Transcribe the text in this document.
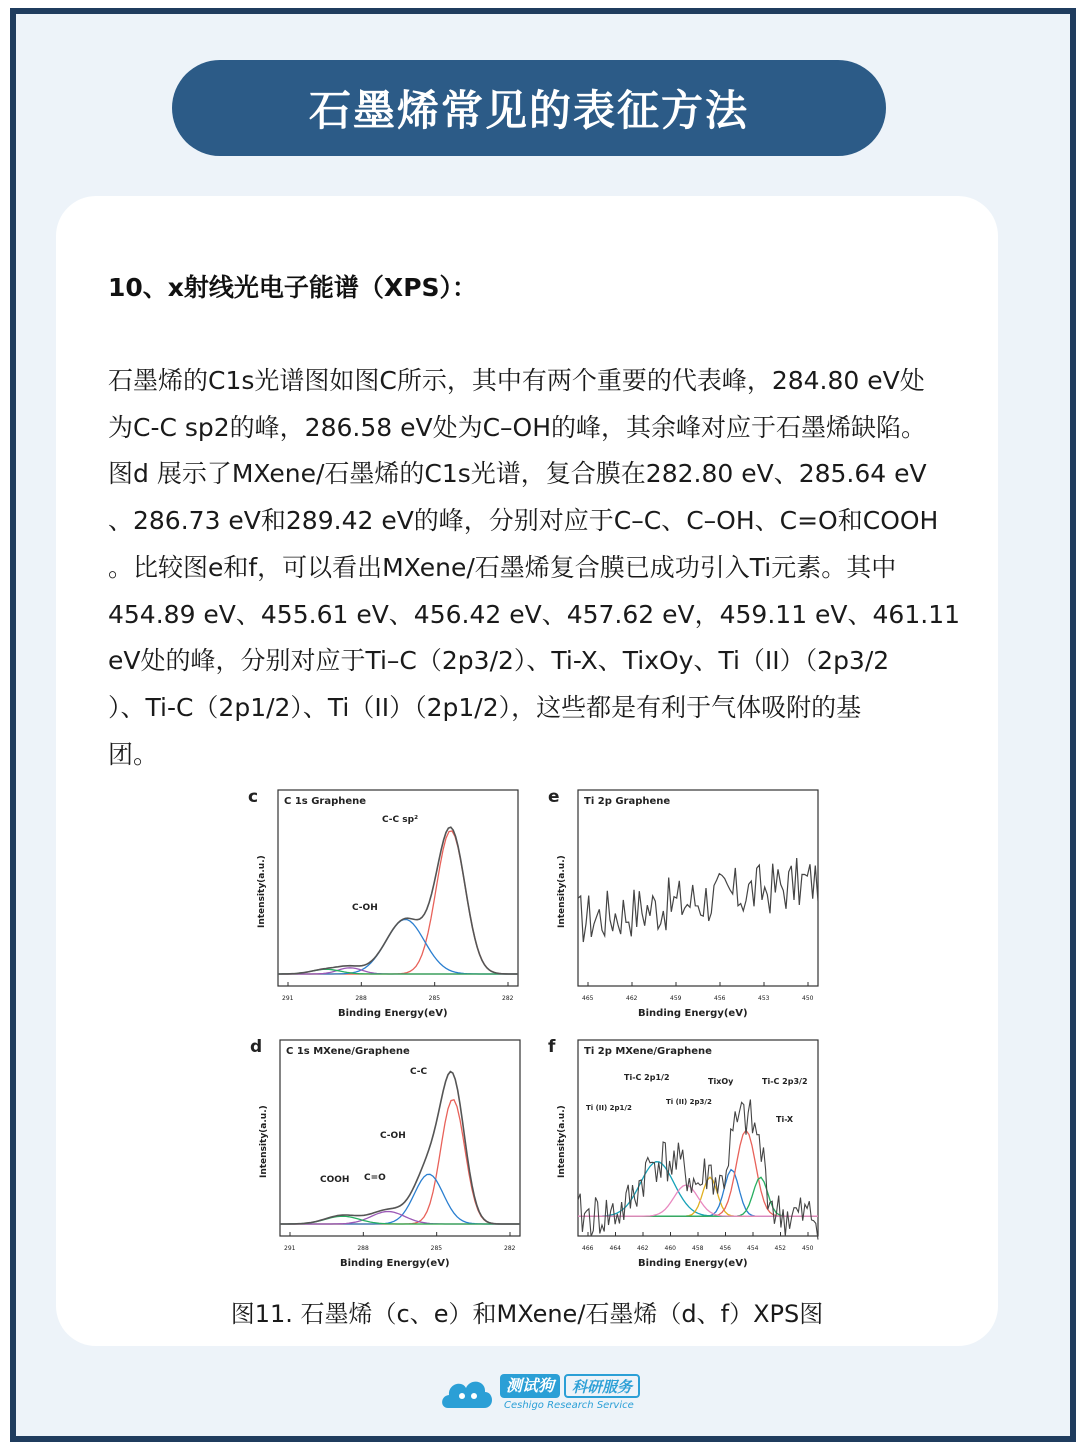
石墨烯常见的表征方法
10、x射线光电子能谱（XPS）：
石墨烯的C1s光谱图如图C所示，其中有两个重要的代表峰，284.80 eV处
为C-C sp2的峰，286.58 eV处为C–OH的峰，其余峰对应于石墨烯缺陷。
图d 展示了MXene/石墨烯的C1s光谱，复合膜在282.80 eV、285.64 eV
、286.73 eV和289.42 eV的峰，分别对应于C–C、C–OH、C=O和COOH
。比较图e和f，可以看出MXene/石墨烯复合膜已成功引入Ti元素。其中
454.89 eV、455.61 eV、456.42 eV、457.62 eV，459.11 eV、461.11
eV处的峰，分别对应于Ti–C（2p3/2）、Ti-X、TixOy、Ti（II）（2p3/2
）、Ti-C（2p1/2）、Ti（II）（2p1/2），这些都是有利于气体吸附的基
团。
c	C 1s Graphene
Intensity(a.u.)
Binding Energy(eV)
291	288	285	282
C-C sp²
C-OH
e Ti 2p Graphene
Intensity(a.u.)
Binding Energy(eV)
465	462	459	456	453	450
d C 1s MXene/Graphene
Intensity(a.u.)
Binding Energy(eV)
291	288	285	282
C-C
C-OH
COOH C=O
f	Ti 2p MXene/Graphene
Intensity(a.u.)
Binding Energy(eV)
466	464	462	460	458	456	454	452	450
Ti-C 2p1/2	TixOy	Ti-C 2p3/2
Ti (II) 2p3/2
Ti (II) 2p1/2
Ti-X
图11. 石墨烯（c、e）和MXene/石墨烯（d、f）XPS图
测试狗	科研服务
Ceshigo Research Service
